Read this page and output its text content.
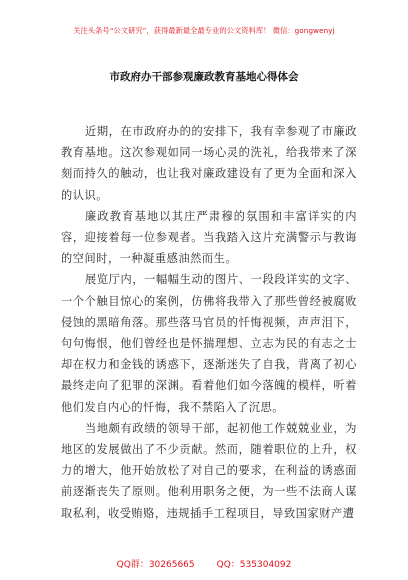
关注头条号“公文研究”，获得最新最全最专业的公文资料库！ 微信：gongwenyj
市政府办干部参观廉政教育基地心得体会

近期，在市政府办的的安排下，我有幸参观了市廉政教育基地。这次参观如同一场心灵的洗礼，给我带来了深刻而持久的触动，也让我对廉政建设有了更为全面和深入的认识。

廉政教育基地以其庄严肃穆的氛围和丰富详实的内容，迎接着每一位参观者。当我踏入这片充满警示与教诲的空间时，一种凝重感油然而生。

展览厅内，一幅幅生动的图片、一段段详实的文字、一个个触目惊心的案例，仿佛将我带入了那些曾经被腐败侵蚀的黑暗角落。那些落马官员的忏悔视频，声声泪下，句句悔恨，他们曾经也是怀揣理想、立志为民的有志之士却在权力和金钱的诱惑下，逐渐迷失了自我，背离了初心最终走向了犯罪的深渊。看着他们如今落魄的模样，听着他们发自内心的忏悔，我不禁陷入了沉思。

当地颇有政绩的领导干部，起初他工作兢兢业业，为地区的发展做出了不少贡献。然而，随着职位的上升，权力的增大，他开始放松了对自己的要求，在利益的诱惑面前逐渐丧失了原则。他利用职务之便，为一些不法商人谋取私利，收受贿赂，违规插手工程项目，导致国家财产遭

QQ群：30265665 QQ：535304092
